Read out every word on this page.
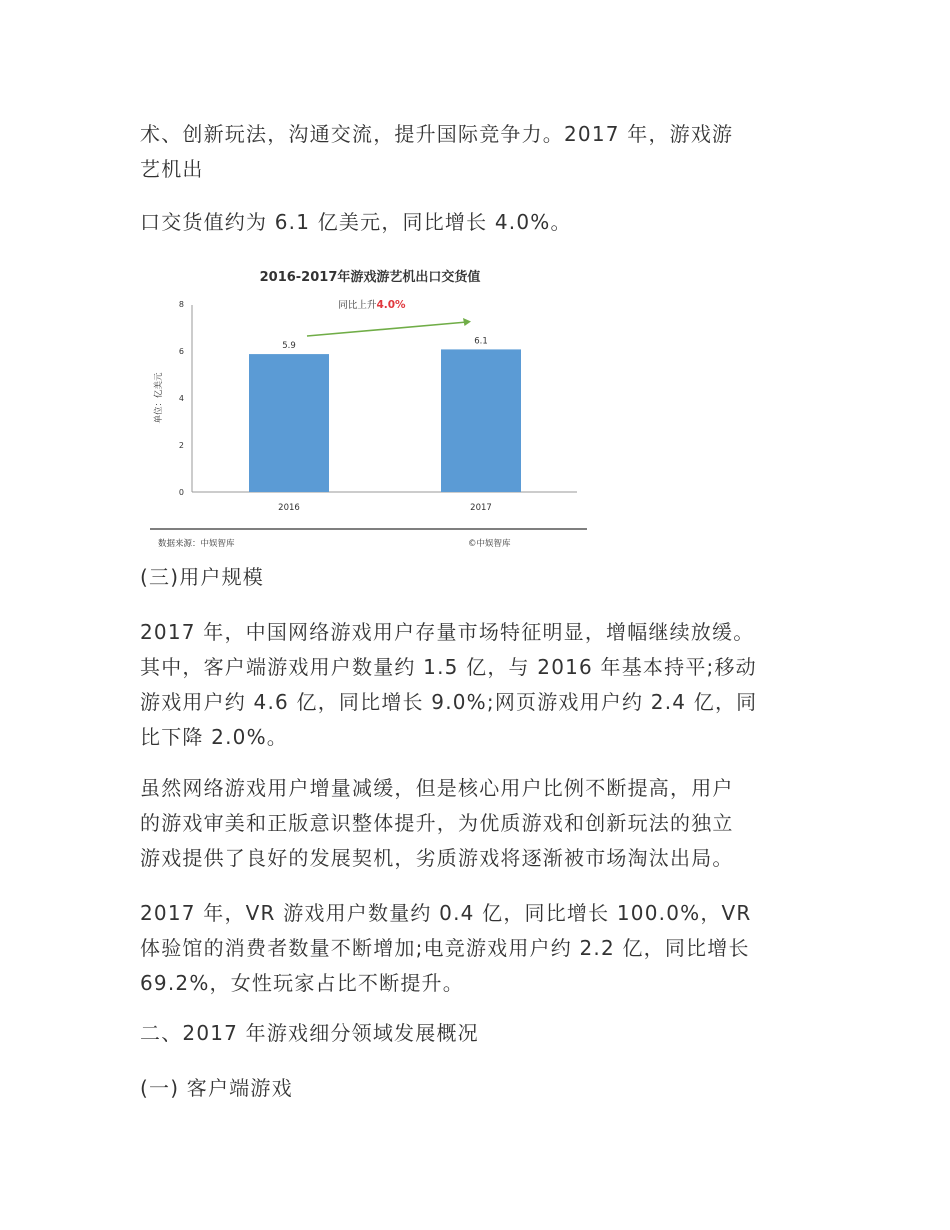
术、创新玩法，沟通交流，提升国际竞争力。2017 年，游戏游
艺机出
口交货值约为 6.1 亿美元，同比增长 4.0%。
2016-2017年游戏游艺机出口交货值
同比上升4.0%
单位：亿美元
0
2
4
6
8
5.9	6.1
2016	2017
数据来源：中娱智库	©中娱智库
(三)用户规模
2017 年，中国网络游戏用户存量市场特征明显，增幅继续放缓。
其中，客户端游戏用户数量约 1.5 亿，与 2016 年基本持平;移动
游戏用户约 4.6 亿，同比增长 9.0%;网页游戏用户约 2.4 亿，同
比下降 2.0%。
虽然网络游戏用户增量减缓，但是核心用户比例不断提高，用户
的游戏审美和正版意识整体提升，为优质游戏和创新玩法的独立
游戏提供了良好的发展契机，劣质游戏将逐渐被市场淘汰出局。
2017 年，VR 游戏用户数量约 0.4 亿，同比增长 100.0%，VR
体验馆的消费者数量不断增加;电竞游戏用户约 2.2 亿，同比增长
69.2%，女性玩家占比不断提升。
二、2017 年游戏细分领域发展概况
(一) 客户端游戏
